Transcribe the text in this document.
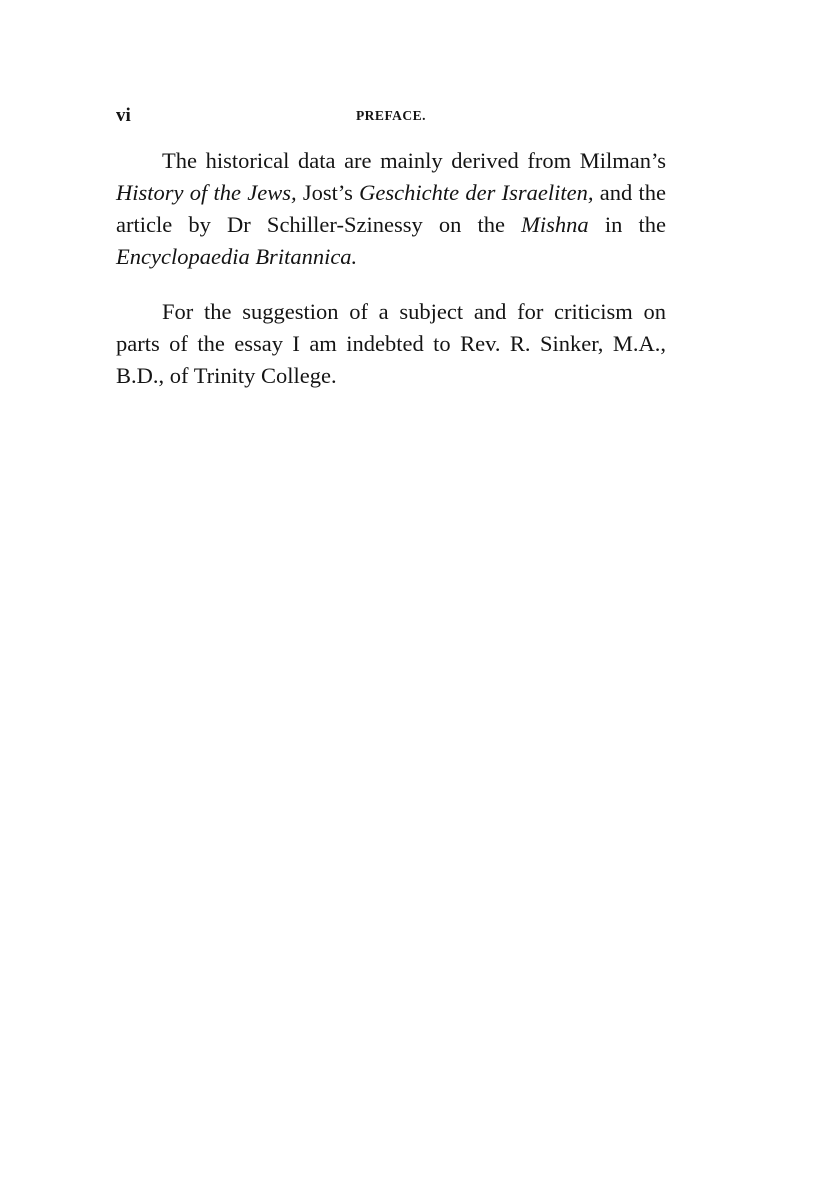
vi	PREFACE.

The historical data are mainly derived from Milman’s History of the Jews, Jost’s Geschichte der Israeliten, and the article by Dr Schiller-Szinessy on the Mishna in the Encyclopaedia Britannica.

For the suggestion of a subject and for criticism on parts of the essay I am indebted to Rev. R. Sinker, M.A., B.D., of Trinity College.
